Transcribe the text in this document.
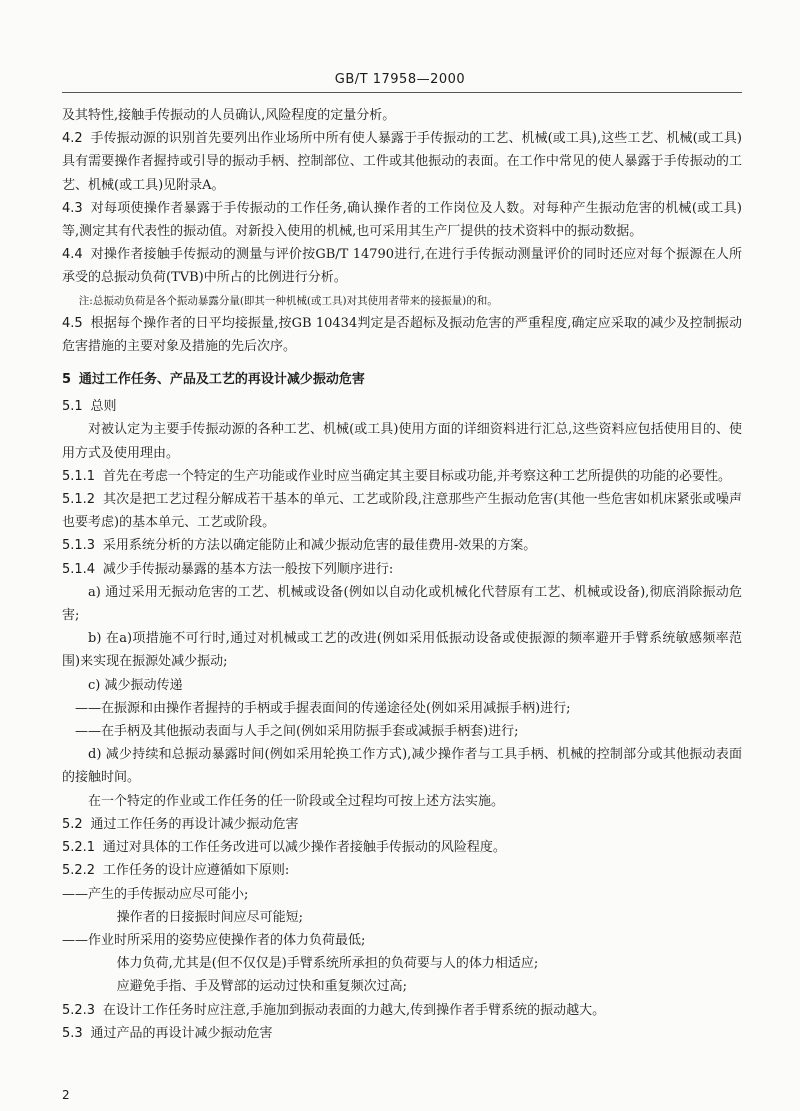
GB/T 17958—2000

及其特性,接触手传振动的人员确认,风险程度的定量分析。

4.2 手传振动源的识别首先要列出作业场所中所有使人暴露于手传振动的工艺、机械(或工具),这些工艺、机械(或工具)具有需要操作者握持或引导的振动手柄、控制部位、工件或其他振动的表面。在工作中常见的使人暴露于手传振动的工艺、机械(或工具)见附录A。

4.3 对每项使操作者暴露于手传振动的工作任务,确认操作者的工作岗位及人数。对每种产生振动危害的机械(或工具)等,测定其有代表性的振动值。对新投入使用的机械,也可采用其生产厂提供的技术资料中的振动数据。

4.4 对操作者接触手传振动的测量与评价按GB/T 14790进行,在进行手传振动测量评价的同时还应对每个振源在人所承受的总振动负荷(TVB)中所占的比例进行分析。

注:总振动负荷是各个振动暴露分量(即其一种机械(或工具)对其使用者带来的接振量)的和。

4.5 根据每个操作者的日平均接振量,按GB 10434判定是否超标及振动危害的严重程度,确定应采取的减少及控制振动危害措施的主要对象及措施的先后次序。

5 通过工作任务、产品及工艺的再设计减少振动危害

5.1 总则

对被认定为主要手传振动源的各种工艺、机械(或工具)使用方面的详细资料进行汇总,这些资料应包括使用目的、使用方式及使用理由。

5.1.1 首先在考虑一个特定的生产功能或作业时应当确定其主要目标或功能,并考察这种工艺所提供的功能的必要性。

5.1.2 其次是把工艺过程分解成若干基本的单元、工艺或阶段,注意那些产生振动危害(其他一些危害如机床紧张或噪声也要考虑)的基本单元、工艺或阶段。

5.1.3 采用系统分析的方法以确定能防止和减少振动危害的最佳费用-效果的方案。

5.1.4 减少手传振动暴露的基本方法一般按下列顺序进行:

a) 通过采用无振动危害的工艺、机械或设备(例如以自动化或机械化代替原有工艺、机械或设备),彻底消除振动危害;

b) 在a)项措施不可行时,通过对机械或工艺的改进(例如采用低振动设备或使振源的频率避开手臂系统敏感频率范围)来实现在振源处减少振动;

c) 减少振动传递

——在振源和由操作者握持的手柄或手握表面间的传递途径处(例如采用减振手柄)进行;

——在手柄及其他振动表面与人手之间(例如采用防振手套或减振手柄套)进行;

d) 减少持续和总振动暴露时间(例如采用轮换工作方式),减少操作者与工具手柄、机械的控制部分或其他振动表面的接触时间。

在一个特定的作业或工作任务的任一阶段或全过程均可按上述方法实施。

5.2 通过工作任务的再设计减少振动危害

5.2.1 通过对具体的工作任务改进可以减少操作者接触手传振动的风险程度。

5.2.2 工作任务的设计应遵循如下原则:

——产生的手传振动应尽可能小;

操作者的日接振时间应尽可能短;

——作业时所采用的姿势应使操作者的体力负荷最低;

体力负荷,尤其是(但不仅仅是)手臂系统所承担的负荷要与人的体力相适应;

应避免手指、手及臂部的运动过快和重复频次过高;

5.2.3 在设计工作任务时应注意,手施加到振动表面的力越大,传到操作者手臂系统的振动越大。

5.3 通过产品的再设计减少振动危害

2
